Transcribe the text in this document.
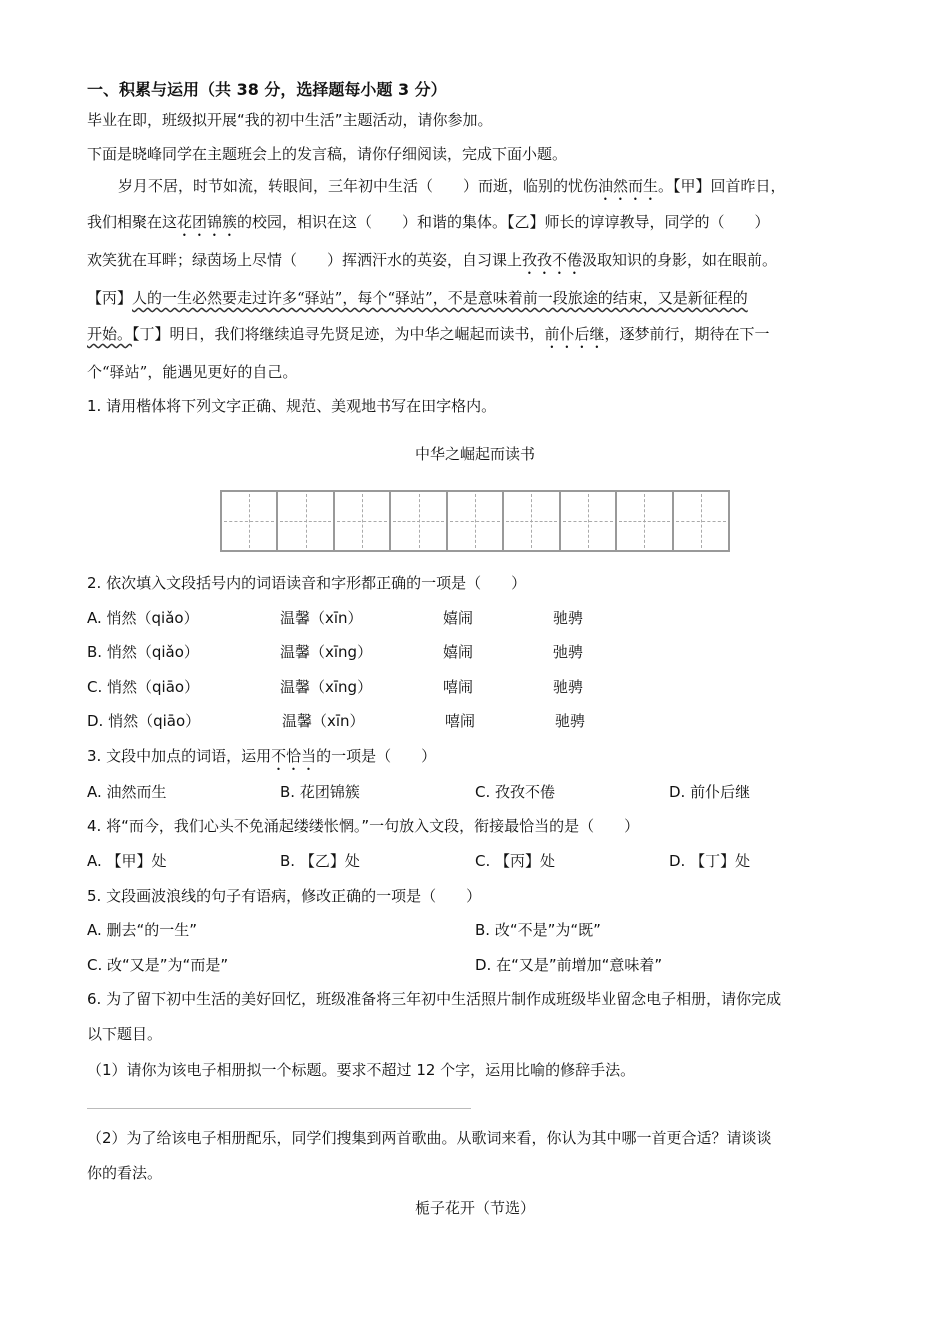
一、积累与运用（共 38 分，选择题每小题 3 分）
毕业在即，班级拟开展“我的初中生活”主题活动，请你参加。
下面是晓峰同学在主题班会上的发言稿，请你仔细阅读，完成下面小题。
岁月不居，时节如流，转眼间，三年初中生活（　　）而逝，临别的忧伤油然而生。【甲】回首昨日，
我们相聚在这花团锦簇的校园，相识在这（　　）和谐的集体。【乙】师长的谆谆教导，同学的（　　）
欢笑犹在耳畔；绿茵场上尽情（　　）挥洒汗水的英姿，自习课上孜孜不倦汲取知识的身影，如在眼前。
【丙】人的一生必然要走过许多“驿站”，每个“驿站”，不是意味着前一段旅途的结束，又是新征程的
开始。【丁】明日，我们将继续追寻先贤足迹，为中华之崛起而读书，前仆后继，逐梦前行，期待在下一
个“驿站”，能遇见更好的自己。
1. 请用楷体将下列文字正确、规范、美观地书写在田字格内。
中华之崛起而读书
2. 依次填入文段括号内的词语读音和字形都正确的一项是（　　）
A. 悄然（qiǎo）	温馨（xīn）	嬉闹	驰骋
B. 悄然（qiǎo）	温馨（xīng）	嬉闹	弛骋
C. 悄然（qiāo）	温馨（xīng）	嘻闹	驰骋
D. 悄然（qiāo）	温馨（xīn）	嘻闹	驰骋
3. 文段中加点的词语，运用不恰当的一项是（　　）
A. 油然而生	B. 花团锦簇	C. 孜孜不倦	D. 前仆后继
4. 将“而今，我们心头不免涌起缕缕怅惘。”一句放入文段，衔接最恰当的是（　　）
A. 【甲】处	B. 【乙】处	C. 【丙】处	D. 【丁】处
5. 文段画波浪线的句子有语病，修改正确的一项是（　　）
A. 删去“的一生”	B. 改“不是”为“既”
C. 改“又是”为“而是”	D. 在“又是”前增加“意味着”
6. 为了留下初中生活的美好回忆，班级准备将三年初中生活照片制作成班级毕业留念电子相册，请你完成
以下题目。
（1）请你为该电子相册拟一个标题。要求不超过 12 个字，运用比喻的修辞手法。
（2）为了给该电子相册配乐，同学们搜集到两首歌曲。从歌词来看，你认为其中哪一首更合适？请谈谈
你的看法。
栀子花开（节选）
